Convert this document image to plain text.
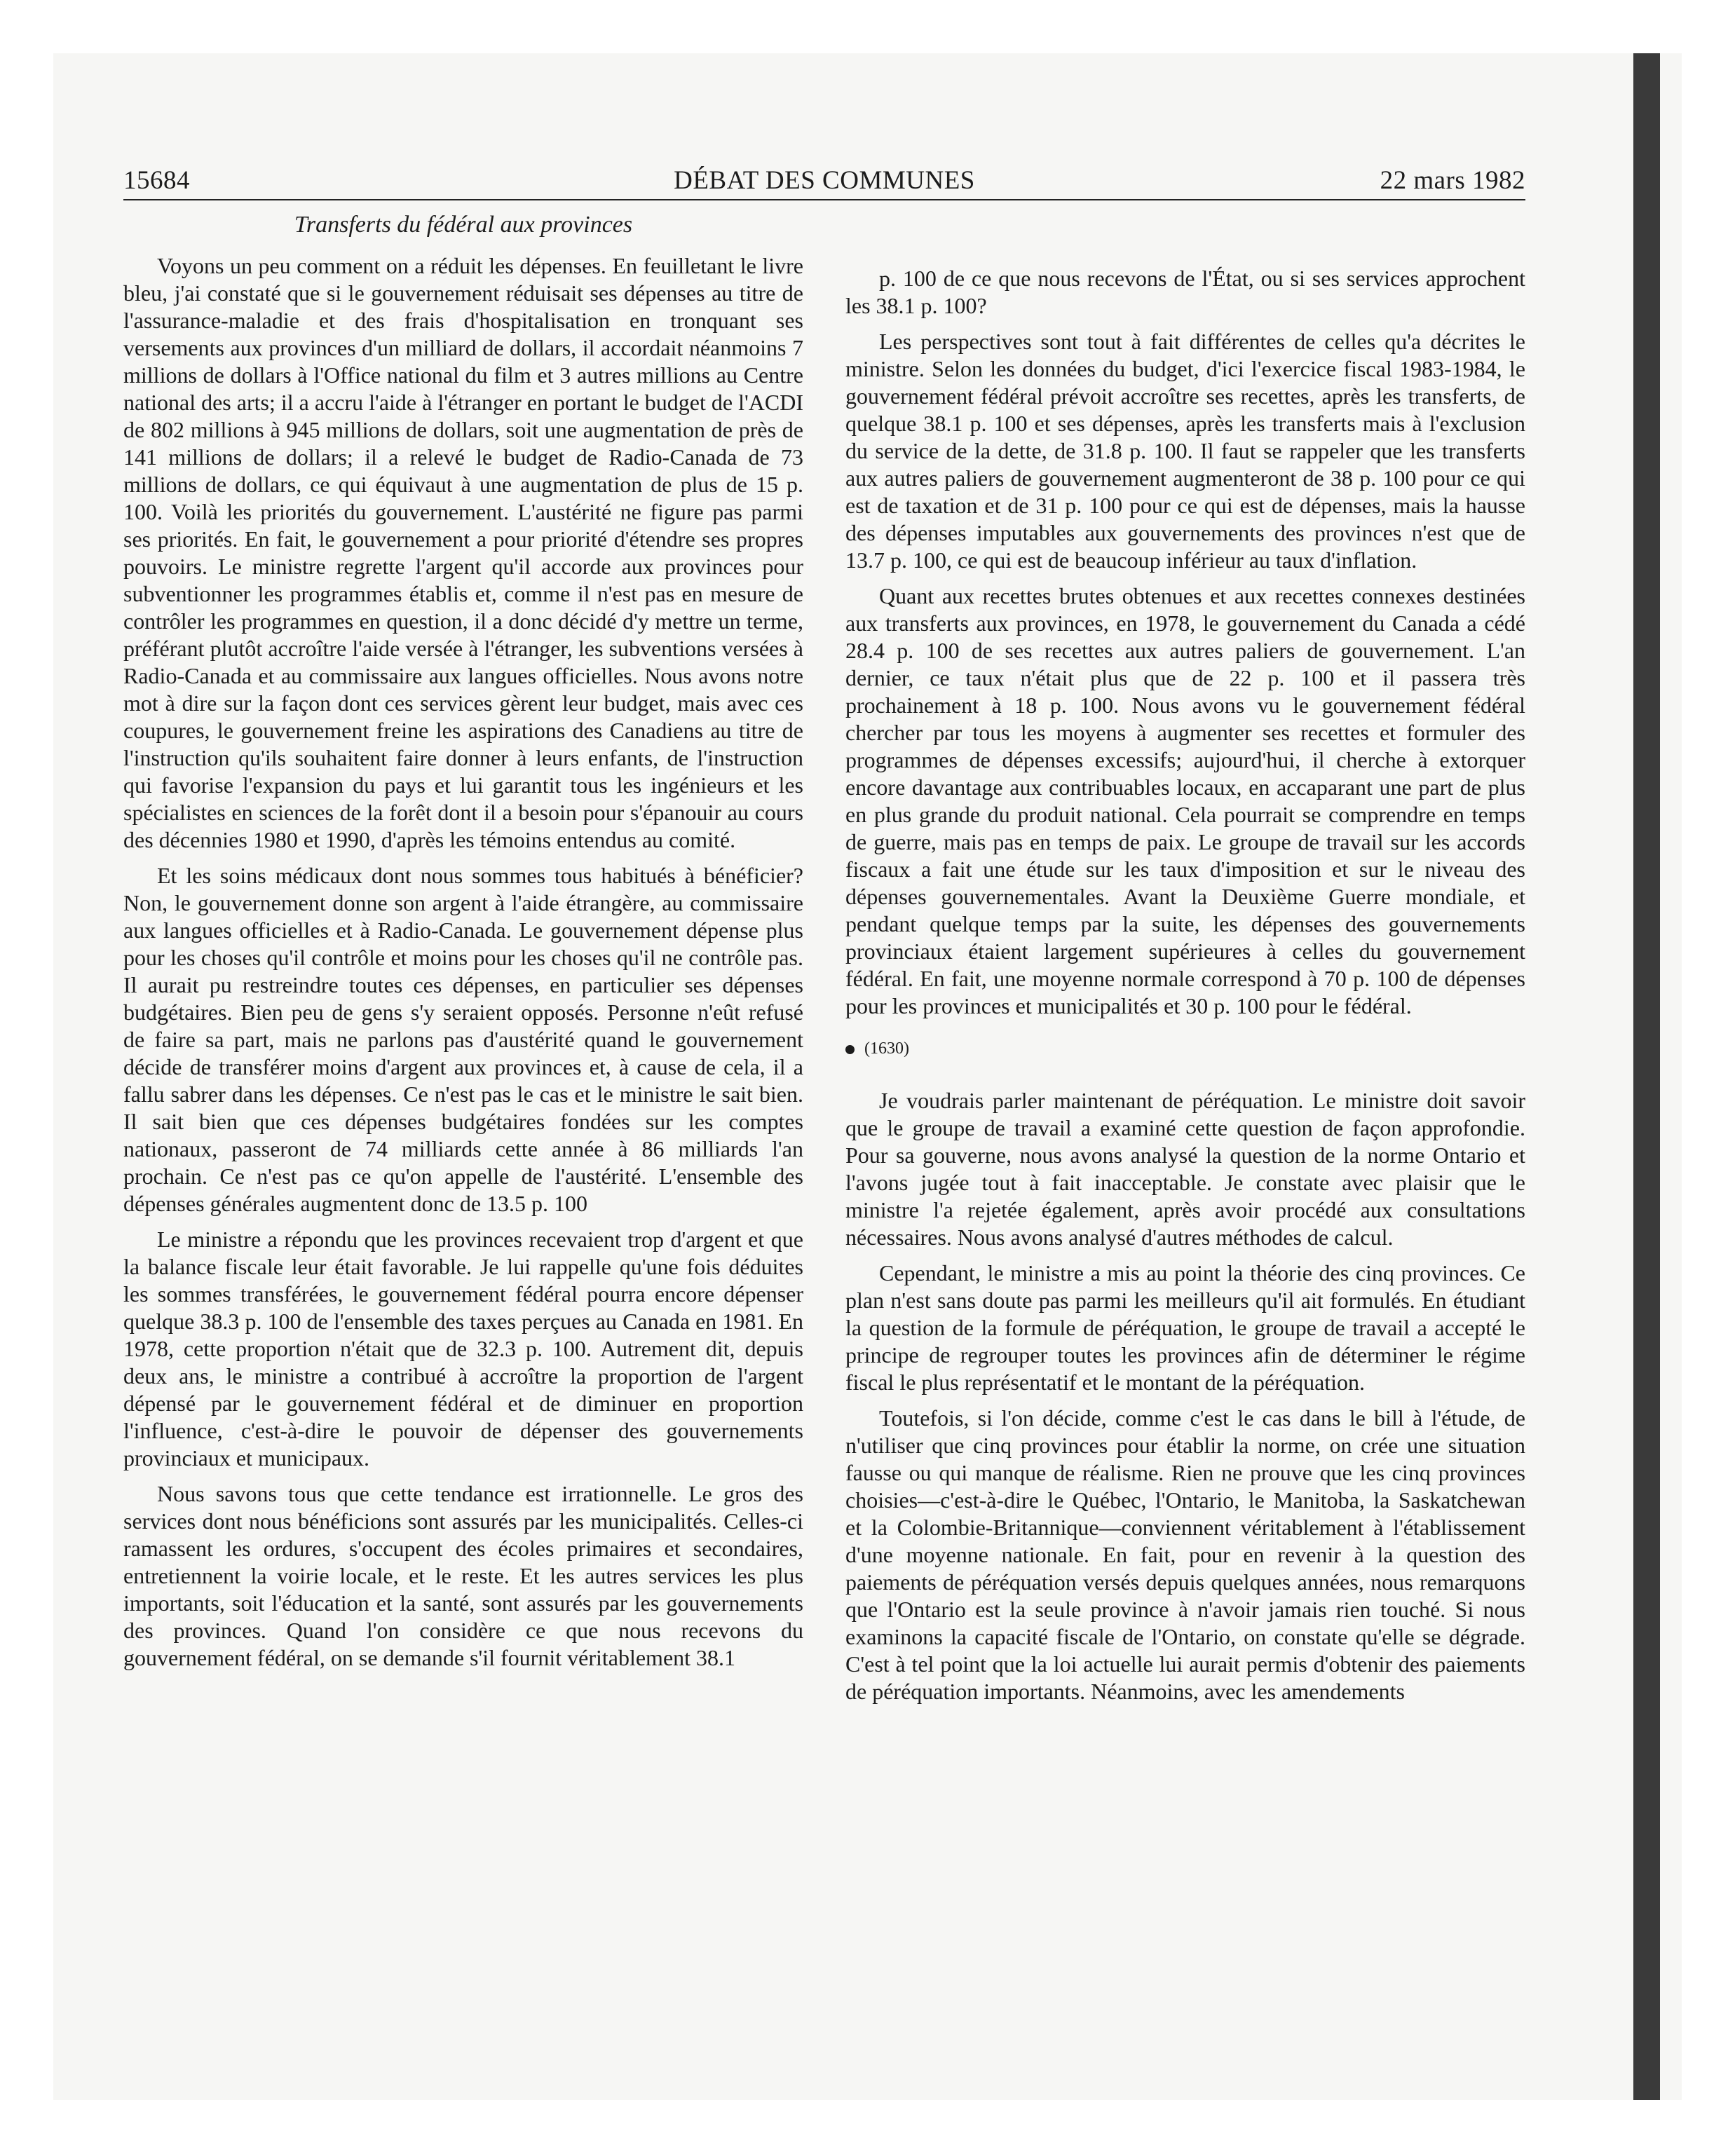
15684	DÉBAT DES COMMUNES	22 mars 1982
Transferts du fédéral aux provinces

Voyons un peu comment on a réduit les dépenses. En feuilletant le livre bleu, j'ai constaté que si le gouvernement réduisait ses dépenses au titre de l'assurance-maladie et des frais d'hospitalisation en tronquant ses versements aux provinces d'un milliard de dollars, il accordait néanmoins 7 millions de dollars à l'Office national du film et 3 autres millions au Centre national des arts; il a accru l'aide à l'étranger en portant le budget de l'ACDI de 802 millions à 945 millions de dollars, soit une augmentation de près de 141 millions de dollars; il a relevé le budget de Radio-Canada de 73 millions de dollars, ce qui équivaut à une augmentation de plus de 15 p. 100. Voilà les priorités du gouvernement. L'austérité ne figure pas parmi ses priorités. En fait, le gouvernement a pour priorité d'étendre ses propres pouvoirs. Le ministre regrette l'argent qu'il accorde aux provinces pour subventionner les programmes établis et, comme il n'est pas en mesure de contrôler les programmes en question, il a donc décidé d'y mettre un terme, préférant plutôt accroître l'aide versée à l'étranger, les subventions versées à Radio-Canada et au commissaire aux langues officielles. Nous avons notre mot à dire sur la façon dont ces services gèrent leur budget, mais avec ces coupures, le gouvernement freine les aspirations des Canadiens au titre de l'instruction qu'ils souhaitent faire donner à leurs enfants, de l'instruction qui favorise l'expansion du pays et lui garantit tous les ingénieurs et les spécialistes en sciences de la forêt dont il a besoin pour s'épanouir au cours des décennies 1980 et 1990, d'après les témoins entendus au comité.

Et les soins médicaux dont nous sommes tous habitués à bénéficier? Non, le gouvernement donne son argent à l'aide étrangère, au commissaire aux langues officielles et à Radio-Canada. Le gouvernement dépense plus pour les choses qu'il contrôle et moins pour les choses qu'il ne contrôle pas. Il aurait pu restreindre toutes ces dépenses, en particulier ses dépenses budgétaires. Bien peu de gens s'y seraient opposés. Personne n'eût refusé de faire sa part, mais ne parlons pas d'austérité quand le gouvernement décide de transférer moins d'argent aux provinces et, à cause de cela, il a fallu sabrer dans les dépenses. Ce n'est pas le cas et le ministre le sait bien. Il sait bien que ces dépenses budgétaires fondées sur les comptes nationaux, passeront de 74 milliards cette année à 86 milliards l'an prochain. Ce n'est pas ce qu'on appelle de l'austérité. L'ensemble des dépenses générales augmentent donc de 13.5 p. 100

Le ministre a répondu que les provinces recevaient trop d'argent et que la balance fiscale leur était favorable. Je lui rappelle qu'une fois déduites les sommes transférées, le gouvernement fédéral pourra encore dépenser quelque 38.3 p. 100 de l'ensemble des taxes perçues au Canada en 1981. En 1978, cette proportion n'était que de 32.3 p. 100. Autrement dit, depuis deux ans, le ministre a contribué à accroître la proportion de l'argent dépensé par le gouvernement fédéral et de diminuer en proportion l'influence, c'est-à-dire le pouvoir de dépenser des gouvernements provinciaux et municipaux.

Nous savons tous que cette tendance est irrationnelle. Le gros des services dont nous bénéficions sont assurés par les municipalités. Celles-ci ramassent les ordures, s'occupent des écoles primaires et secondaires, entretiennent la voirie locale, et le reste. Et les autres services les plus importants, soit l'éducation et la santé, sont assurés par les gouvernements des provinces. Quand l'on considère ce que nous recevons du gouvernement fédéral, on se demande s'il fournit véritablement 38.1

p. 100 de ce que nous recevons de l'État, ou si ses services approchent les 38.1 p. 100?

Les perspectives sont tout à fait différentes de celles qu'a décrites le ministre. Selon les données du budget, d'ici l'exercice fiscal 1983-1984, le gouvernement fédéral prévoit accroître ses recettes, après les transferts, de quelque 38.1 p. 100 et ses dépenses, après les transferts mais à l'exclusion du service de la dette, de 31.8 p. 100. Il faut se rappeler que les transferts aux autres paliers de gouvernement augmenteront de 38 p. 100 pour ce qui est de taxation et de 31 p. 100 pour ce qui est de dépenses, mais la hausse des dépenses imputables aux gouvernements des provinces n'est que de 13.7 p. 100, ce qui est de beaucoup inférieur au taux d'inflation.

Quant aux recettes brutes obtenues et aux recettes connexes destinées aux transferts aux provinces, en 1978, le gouvernement du Canada a cédé 28.4 p. 100 de ses recettes aux autres paliers de gouvernement. L'an dernier, ce taux n'était plus que de 22 p. 100 et il passera très prochainement à 18 p. 100. Nous avons vu le gouvernement fédéral chercher par tous les moyens à augmenter ses recettes et formuler des programmes de dépenses excessifs; aujourd'hui, il cherche à extorquer encore davantage aux contribuables locaux, en accaparant une part de plus en plus grande du produit national. Cela pourrait se comprendre en temps de guerre, mais pas en temps de paix. Le groupe de travail sur les accords fiscaux a fait une étude sur les taux d'imposition et sur le niveau des dépenses gouvernementales. Avant la Deuxième Guerre mondiale, et pendant quelque temps par la suite, les dépenses des gouvernements provinciaux étaient largement supérieures à celles du gouvernement fédéral. En fait, une moyenne normale correspond à 70 p. 100 de dépenses pour les provinces et municipalités et 30 p. 100 pour le fédéral.

(1630)

Je voudrais parler maintenant de péréquation. Le ministre doit savoir que le groupe de travail a examiné cette question de façon approfondie. Pour sa gouverne, nous avons analysé la question de la norme Ontario et l'avons jugée tout à fait inacceptable. Je constate avec plaisir que le ministre l'a rejetée également, après avoir procédé aux consultations nécessaires. Nous avons analysé d'autres méthodes de calcul.

Cependant, le ministre a mis au point la théorie des cinq provinces. Ce plan n'est sans doute pas parmi les meilleurs qu'il ait formulés. En étudiant la question de la formule de péréquation, le groupe de travail a accepté le principe de regrouper toutes les provinces afin de déterminer le régime fiscal le plus représentatif et le montant de la péréquation.

Toutefois, si l'on décide, comme c'est le cas dans le bill à l'étude, de n'utiliser que cinq provinces pour établir la norme, on crée une situation fausse ou qui manque de réalisme. Rien ne prouve que les cinq provinces choisies—c'est-à-dire le Québec, l'Ontario, le Manitoba, la Saskatchewan et la Colombie-Britannique—conviennent véritablement à l'établissement d'une moyenne nationale. En fait, pour en revenir à la question des paiements de péréquation versés depuis quelques années, nous remarquons que l'Ontario est la seule province à n'avoir jamais rien touché. Si nous examinons la capacité fiscale de l'Ontario, on constate qu'elle se dégrade. C'est à tel point que la loi actuelle lui aurait permis d'obtenir des paiements de péréquation importants. Néanmoins, avec les amendements
